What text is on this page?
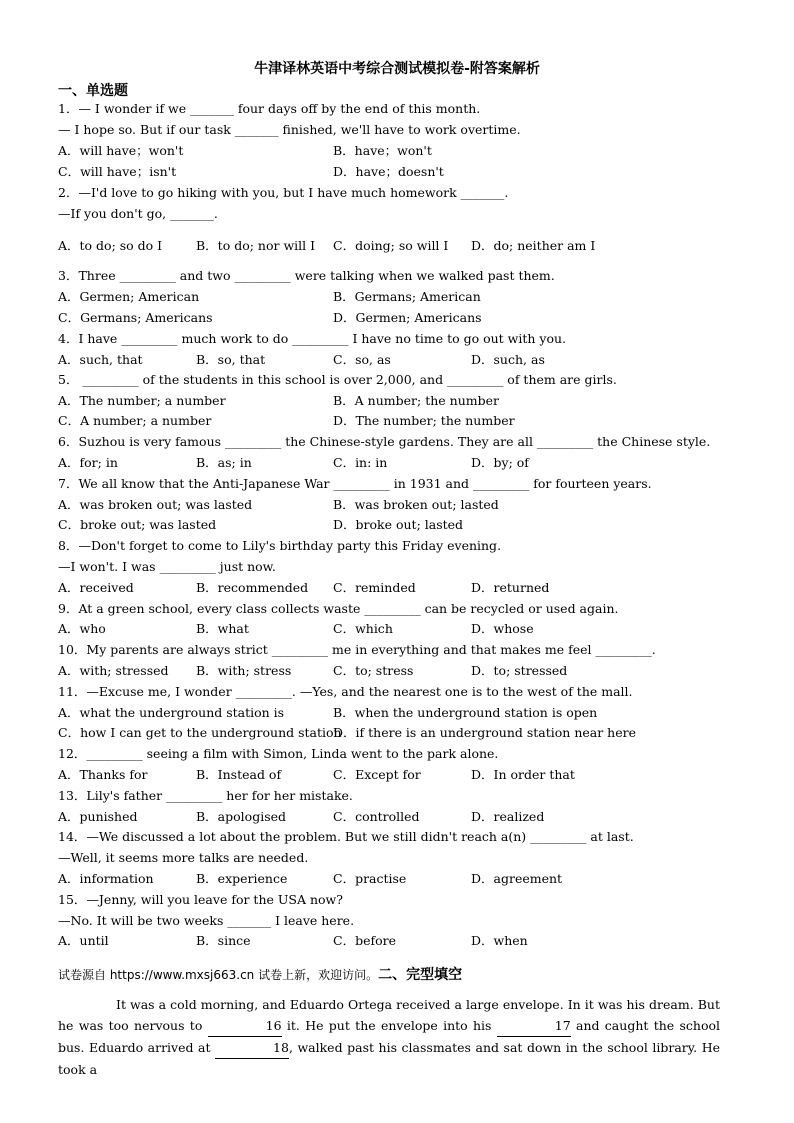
牛津译林英语中考综合测试模拟卷-附答案解析
一、单选题
1．— I wonder if we _______ four days off by the end of this month.
— I hope so. But if our task _______ finished, we'll have to work overtime.
A．will have；won't	B．have；won't
C．will have；isn't	D．have；doesn't
2．—I'd love to go hiking with you, but I have much homework _______.
—If you don't go, _______.
A．to do; so do I	B．to do; nor will I C．doing; so will I D．do; neither am I
3．Three _________ and two _________ were talking when we walked past them.
A．Germen; American	B．Germans; American
C．Germans; Americans	D．Germen; Americans
4．I have _________ much work to do _________ I have no time to go out with you.
A．such, that	B．so, that	C．so, as	D．such, as
5． _________ of the students in this school is over 2,000, and _________ of them are girls.
A．The number; a number	B．A number; the number
C．A number; a number	D．The number; the number
6．Suzhou is very famous _________ the Chinese-style gardens. They are all _________ the Chinese style.
A．for; in	B．as; in	C．in: in	D．by; of
7．We all know that the Anti-Japanese War _________ in 1931 and _________ for fourteen years.
A．was broken out; was lasted	B．was broken out; lasted
C．broke out; was lasted	D．broke out; lasted
8．—Don't forget to come to Lily's birthday party this Friday evening.
—I won't. I was _________ just now.
A．received	B．recommended C．reminded	D．returned
9．At a green school, every class collects waste _________ can be recycled or used again.
A．who	B．what	C．which	D．whose
10．My parents are always strict _________ me in everything and that makes me feel _________.
A．with; stressed B．with; stress	C．to; stress	D．to; stressed
11．—Excuse me, I wonder _________. —Yes, and the nearest one is to the west of the mall.
A．what the underground station is	B．when the underground station is open
C．how I can get to the underground station
D．if there is an underground station near here
12．_________ seeing a film with Simon, Linda went to the park alone.
A．Thanks for	B．Instead of	C．Except for	D．In order that
13．Lily's father _________ her for her mistake.
A．punished	B．apologised	C．controlled	D．realized
14．—We discussed a lot about the problem. But we still didn't reach a(n) _________ at last.
—Well, it seems more talks are needed.
A．information	B．experience	C．practise	D．agreement
15．—Jenny, will you leave for the USA now?
—No. It will be two weeks _______ I leave here.
A．until	B．since	C．before	D．when
试卷源自 https://www.mxsj663.cn 试卷上新，欢迎访问。二、完型填空
It was a cold morning, and Eduardo Ortega received a large envelope. In it was his dream. But he was too nervous to	16 it. He put the envelope into his	17 and caught the school bus. Eduardo arrived at	18, walked past his classmates and sat down in the school library. He took a
